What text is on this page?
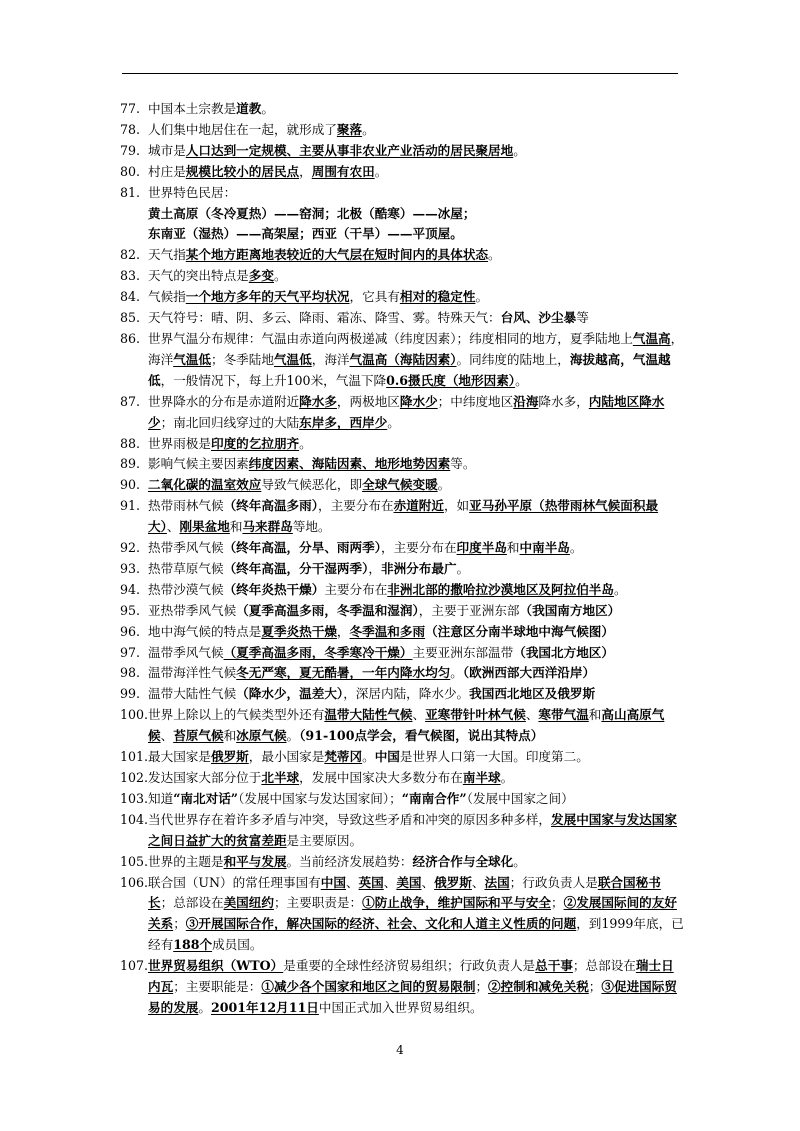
77. 中国本土宗教是道教。
78. 人们集中地居住在一起，就形成了聚落。
79. 城市是人口达到一定规模、主要从事非农业产业活动的居民聚居地。
80. 村庄是规模比较小的居民点，周围有农田。
81. 世界特色民居：
黄土高原（冬冷夏热）——窑洞；北极（酷寒）——冰屋；
东南亚（湿热）——高架屋；西亚（干旱）——平顶屋。
82. 天气指某个地方距离地表较近的大气层在短时间内的具体状态。
83. 天气的突出特点是多变。
84. 气候指一个地方多年的天气平均状况，它具有相对的稳定性。
85. 天气符号：晴、阴、多云、降雨、霜冻、降雪、雾。特殊天气：台风、沙尘暴等
86. 世界气温分布规律：气温由赤道向两极递减（纬度因素）；纬度相同的地方，夏季陆地上气温高，海洋气温低；冬季陆地气温低，海洋气温高（海陆因素）。同纬度的陆地上，海拔越高，气温越低，一般情况下，每上升100米，气温下降0.6摄氏度（地形因素）。
87. 世界降水的分布是赤道附近降水多，两极地区降水少；中纬度地区沿海降水多，内陆地区降水少；南北回归线穿过的大陆东岸多，西岸少。
88. 世界雨极是印度的乞拉朋齐。
89. 影响气候主要因素纬度因素、海陆因素、地形地势因素等。
90. 二氧化碳的温室效应导致气候恶化，即全球气候变暖。
91. 热带雨林气候（终年高温多雨），主要分布在赤道附近，如亚马孙平原（热带雨林气候面积最大）、刚果盆地和马来群岛等地。
92. 热带季风气候（终年高温，分旱、雨两季），主要分布在印度半岛和中南半岛。
93. 热带草原气候（终年高温，分干湿两季），非洲分布最广。
94. 热带沙漠气候（终年炎热干燥）主要分布在非洲北部的撒哈拉沙漠地区及阿拉伯半岛。
95. 亚热带季风气候（夏季高温多雨，冬季温和湿润），主要于亚洲东部（我国南方地区）
96. 地中海气候的特点是夏季炎热干燥，冬季温和多雨（注意区分南半球地中海气候图）
97. 温带季风气候（夏季高温多雨，冬季寒冷干燥）主要亚洲东部温带（我国北方地区）
98. 温带海洋性气候冬无严寒，夏无酷暑，一年内降水均匀。（欧洲西部大西洋沿岸）
99. 温带大陆性气候（降水少，温差大），深居内陆，降水少。我国西北地区及俄罗斯
100. 世界上除以上的气候类型外还有温带大陆性气候、亚寒带针叶林气候、寒带气温和高山高原气候、苔原气候和冰原气候。（91-100点学会，看气候图，说出其特点）
101. 最大国家是俄罗斯，最小国家是梵蒂冈。中国是世界人口第一大国。印度第二。
102. 发达国家大部分位于北半球，发展中国家决大多数分布在南半球。
103. 知道“南北对话”（发展中国家与发达国家间）；“南南合作”（发展中国家之间）
104. 当代世界存在着许多矛盾与冲突，导致这些矛盾和冲突的原因多种多样，发展中国家与发达国家之间日益扩大的贫富差距是主要原因。
105. 世界的主题是和平与发展。当前经济发展趋势：经济合作与全球化。
106. 联合国（UN）的常任理事国有中国、英国、美国、俄罗斯、法国；行政负责人是联合国秘书长；总部设在美国纽约；主要职责是：①防止战争，维护国际和平与安全；②发展国际间的友好关系；③开展国际合作，解决国际的经济、社会、文化和人道主义性质的问题，到1999年底，已经有188个成员国。
107. 世界贸易组织（WTO）是重要的全球性经济贸易组织；行政负责人是总干事；总部设在瑞士日内瓦；主要职能是：①减少各个国家和地区之间的贸易限制；②控制和减免关税；③促进国际贸易的发展。2001年12月11日中国正式加入世界贸易组织。
4
